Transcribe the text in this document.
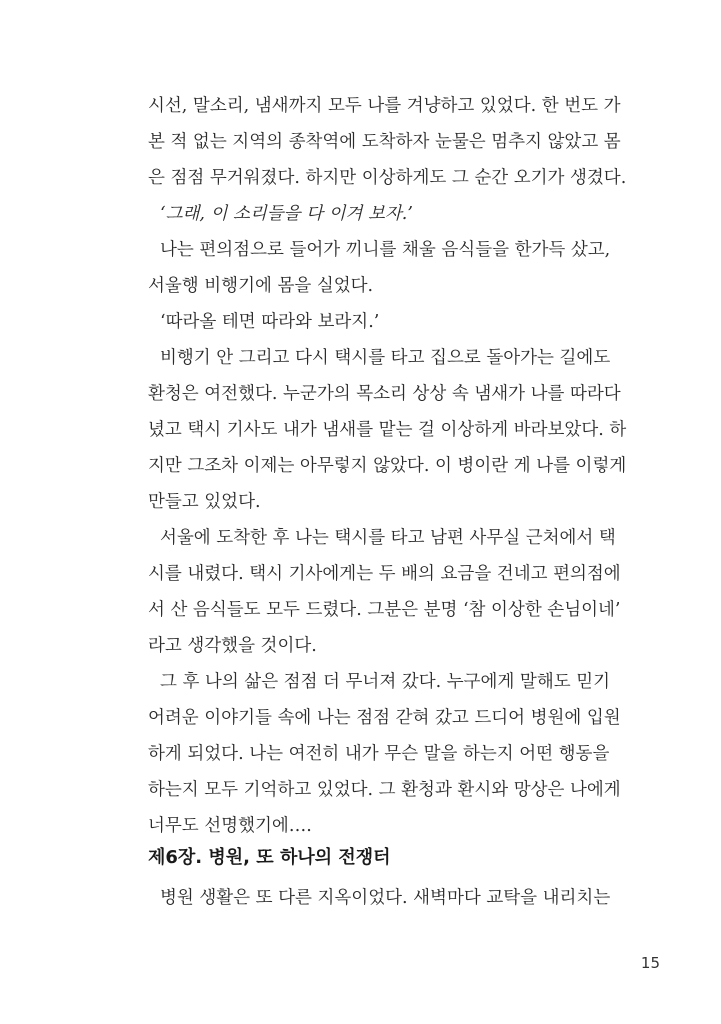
시선, 말소리, 냄새까지 모두 나를 겨냥하고 있었다. 한 번도 가
본 적 없는 지역의 종착역에 도착하자 눈물은 멈추지 않았고 몸
은 점점 무거워졌다. 하지만 이상하게도 그 순간 오기가 생겼다.
‘그래, 이 소리들을 다 이겨 보자.’
나는 편의점으로 들어가 끼니를 채울 음식들을 한가득 샀고,
서울행 비행기에 몸을 실었다.
‘따라올 테면 따라와 보라지.’
비행기 안 그리고 다시 택시를 타고 집으로 돌아가는 길에도
환청은 여전했다. 누군가의 목소리 상상 속 냄새가 나를 따라다
녔고 택시 기사도 내가 냄새를 맡는 걸 이상하게 바라보았다. 하
지만 그조차 이제는 아무렇지 않았다. 이 병이란 게 나를 이렇게
만들고 있었다.
서울에 도착한 후 나는 택시를 타고 남편 사무실 근처에서 택
시를 내렸다. 택시 기사에게는 두 배의 요금을 건네고 편의점에
서 산 음식들도 모두 드렸다. 그분은 분명 ‘참 이상한 손님이네’
라고 생각했을 것이다.
그 후 나의 삶은 점점 더 무너져 갔다. 누구에게 말해도 믿기
어려운 이야기들 속에 나는 점점 갇혀 갔고 드디어 병원에 입원
하게 되었다. 나는 여전히 내가 무슨 말을 하는지 어떤 행동을
하는지 모두 기억하고 있었다. 그 환청과 환시와 망상은 나에게
너무도 선명했기에….
병원 생활은 또 다른 지옥이었다. 새벽마다 교탁을 내리치는
제6장. 병원, 또 하나의 전쟁터
15
